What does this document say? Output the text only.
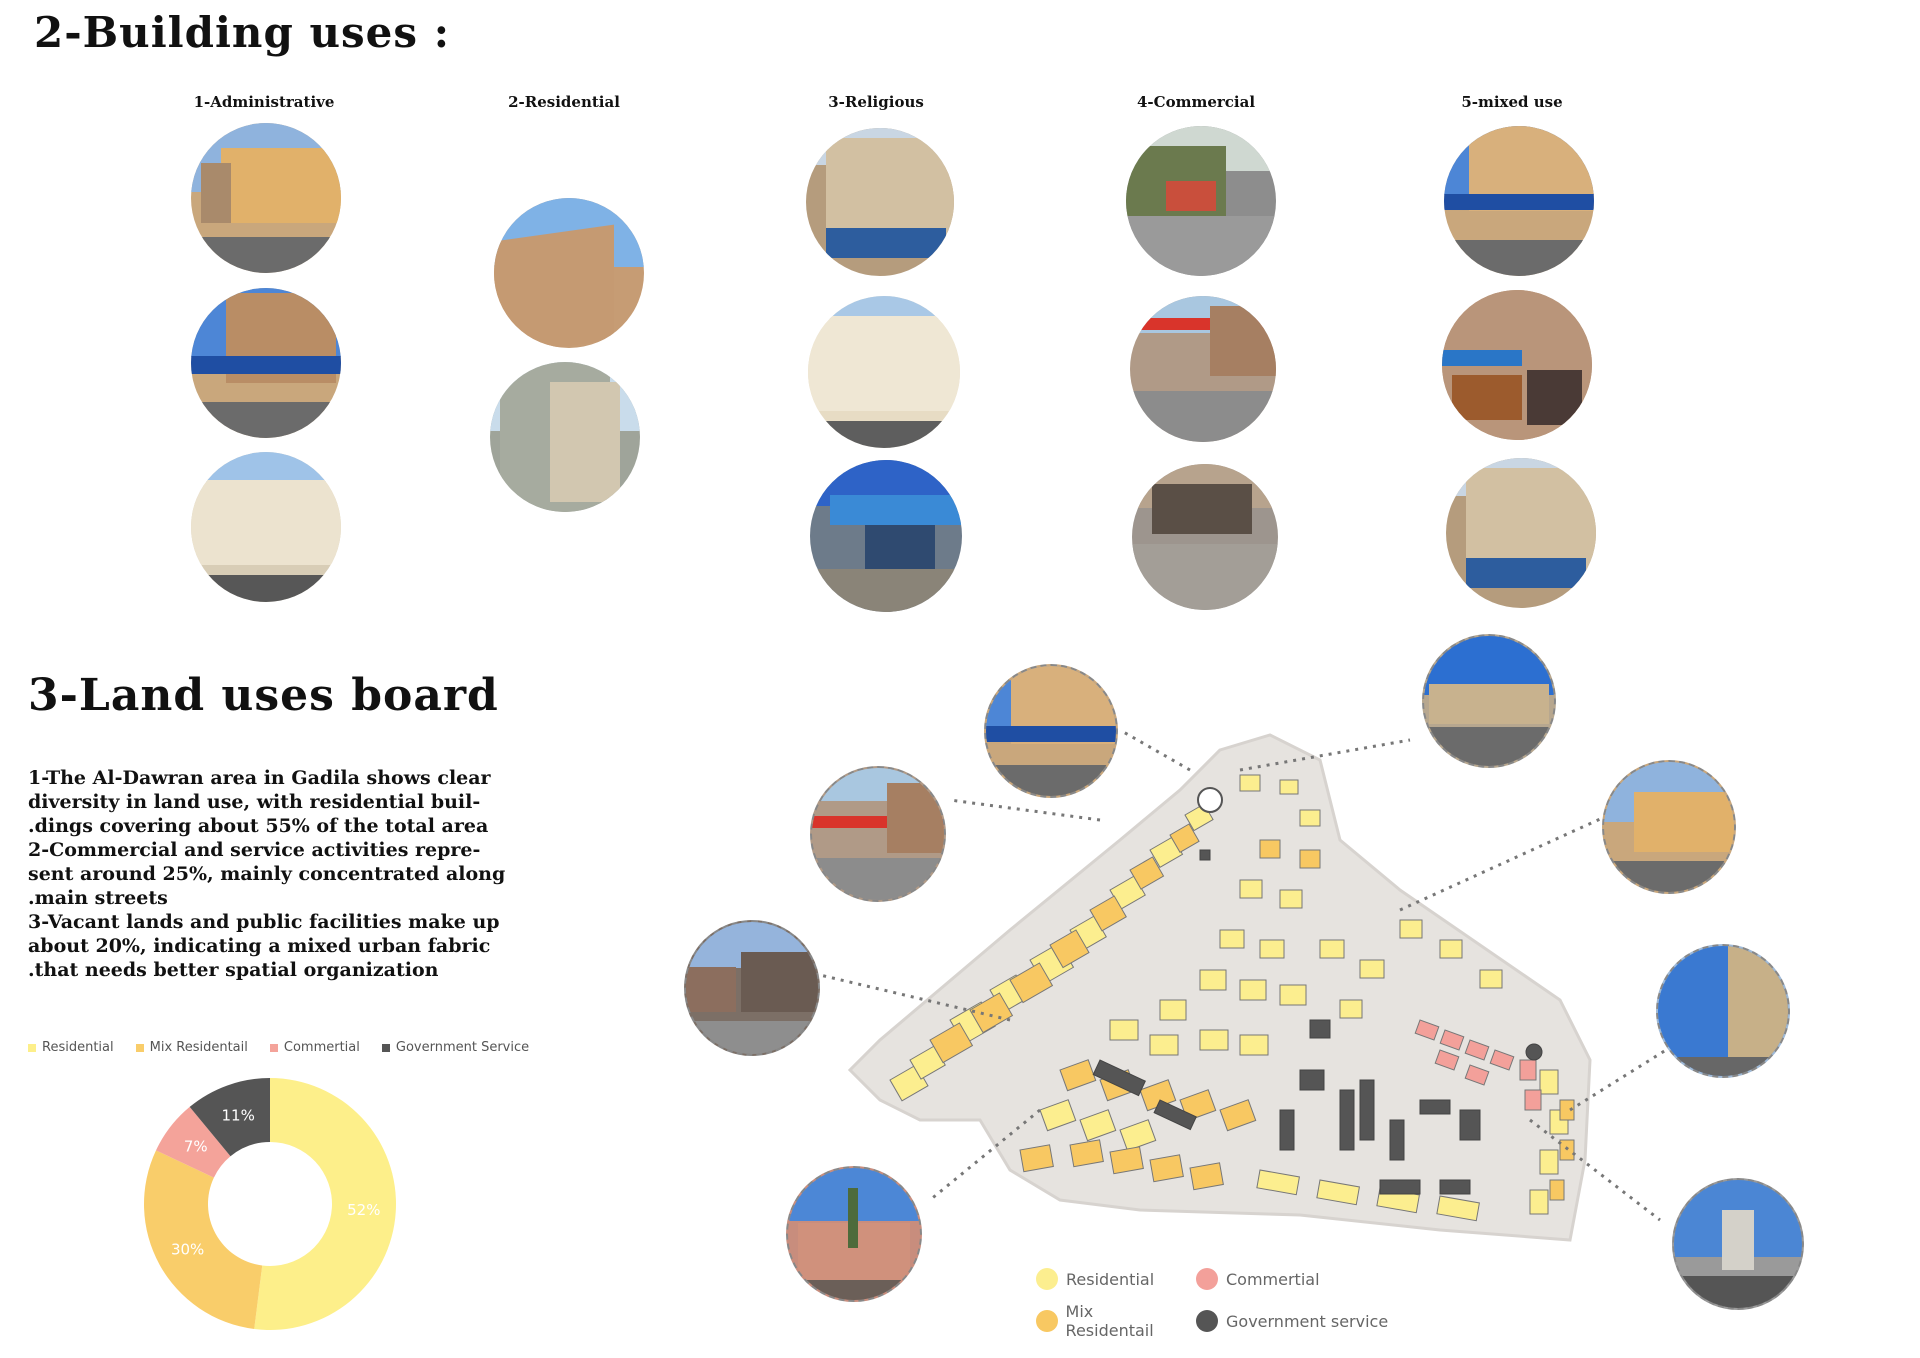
2-Building uses :
1-Administrative	2-Residential	3-Religious	4-Commercial	5-mixed use
3-Land uses board
1-The Al-Dawran area in Gadila shows clear
diversity in land use, with residential buil-
.dings covering about 55% of the total area
2-Commercial and service activities repre-
sent around 25%, mainly concentrated along
.main streets
3-Vacant lands and public facilities make up
about 20%, indicating a mixed urban fabric
.that needs better spatial organization
Residential	Mix Residentail	Commertial	Government Service
52%
30%
7%
11%
Residential	Commertial
Mix Residentail	Government service
